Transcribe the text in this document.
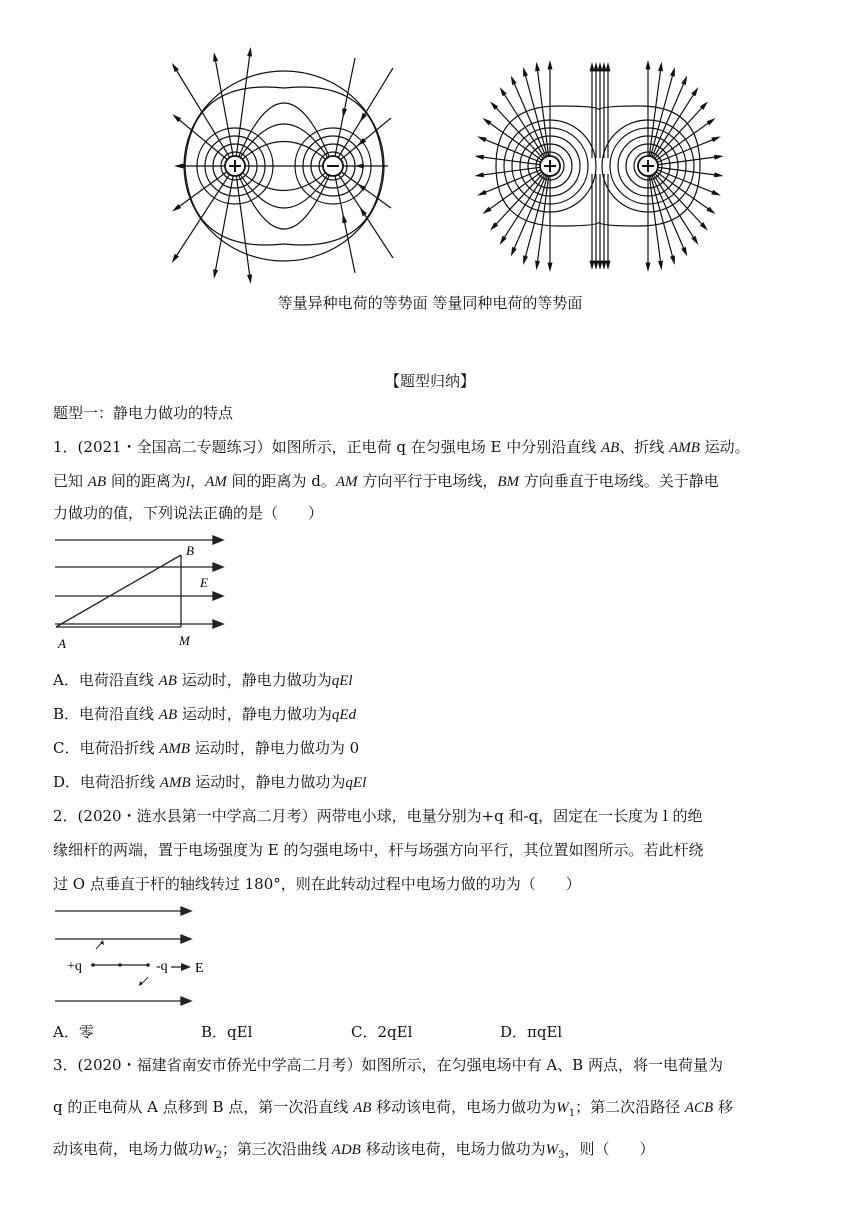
等量异种电荷的等势面 等量同种电荷的等势面
【题型归纳】
题型一：静电力做功的特点
1．(2021・全国高二专题练习）如图所示，正电荷 q 在匀强电场 E 中分别沿直线 AB、折线 AMB 运动。
已知 AB 间的距离为l，AM 间的距离为 d。AM 方向平行于电场线，BM 方向垂直于电场线。关于静电
力做功的值，下列说法正确的是（　　）
B
E
A	M
A．电荷沿直线 AB 运动时，静电力做功为qEl
B．电荷沿直线 AB 运动时，静电力做功为qEd
C．电荷沿折线 AMB 运动时，静电力做功为 0
D．电荷沿折线 AMB 运动时，静电力做功为qEl
2．(2020・涟水县第一中学高二月考）两带电小球，电量分别为+q 和-q，固定在一长度为 l 的绝
缘细杆的两端，置于电场强度为 E 的匀强电场中，杆与场强方向平行，其位置如图所示。若此杆绕
过 O 点垂直于杆的轴线转过 180°，则在此转动过程中电场力做的功为（　　）
+q	-q E
A．零	B．qEl	C．2qEl	D．πqEl
3．(2020・福建省南安市侨光中学高二月考）如图所示，在匀强电场中有 A、B 两点，将一电荷量为
q 的正电荷从 A 点移到 B 点，第一次沿直线 AB 移动该电荷，电场力做功为$W_1$；第二次沿路径 ACB 移
动该电荷，电场力做功$W_2$；第三次沿曲线 ADB 移动该电荷，电场力做功为$W_3$，则（　　）
